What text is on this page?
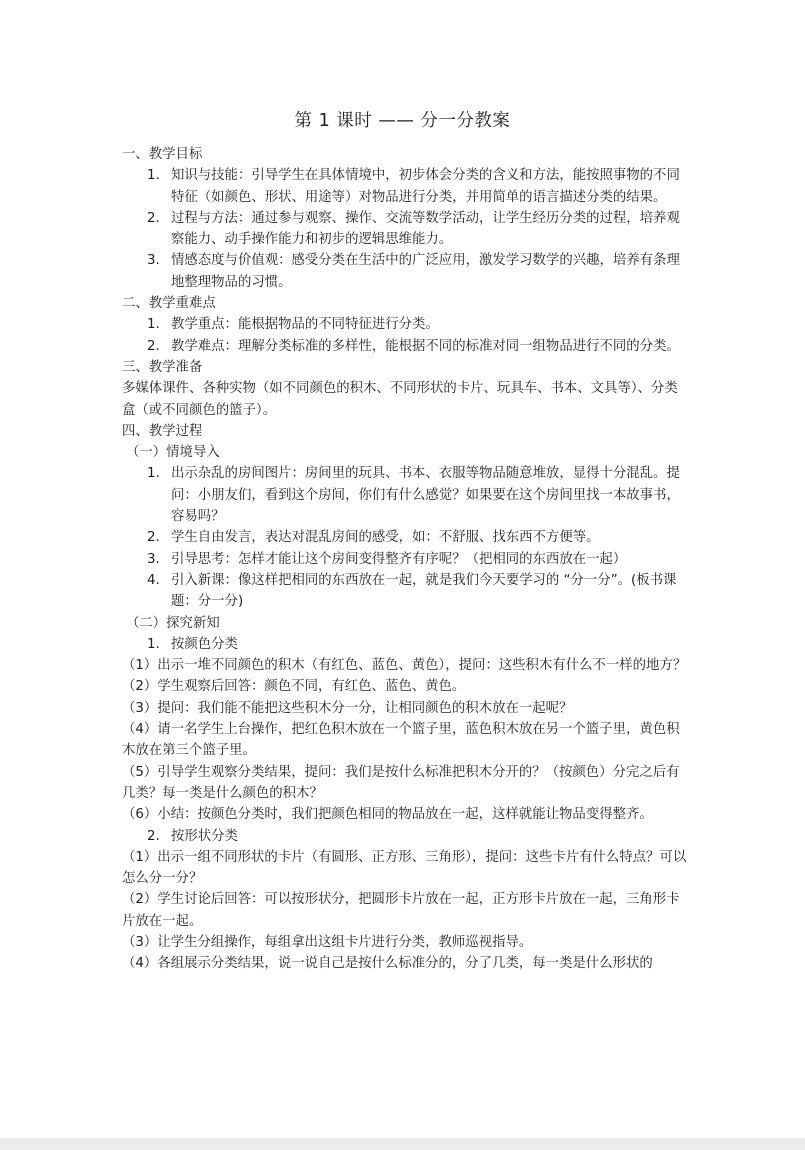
第 1 课时 —— 分一分教案

一、教学目标

1. 知识与技能：引导学生在具体情境中，初步体会分类的含义和方法，能按照事物的不同特征（如颜色、形状、用途等）对物品进行分类，并用简单的语言描述分类的结果。
2. 过程与方法：通过参与观察、操作、交流等数学活动，让学生经历分类的过程，培养观察能力、动手操作能力和初步的逻辑思维能力。
3. 情感态度与价值观：感受分类在生活中的广泛应用，激发学习数学的兴趣，培养有条理地整理物品的习惯。

二、教学重难点

1. 教学重点：能根据物品的不同特征进行分类。
2. 教学难点：理解分类标准的多样性，能根据不同的标准对同一组物品进行不同的分类。

三、教学准备

多媒体课件、各种实物（如不同颜色的积木、不同形状的卡片、玩具车、书本、文具等）、分类盒（或不同颜色的篮子）。

四、教学过程

（一）情境导入

1. 出示杂乱的房间图片：房间里的玩具、书本、衣服等物品随意堆放，显得十分混乱。提问：小朋友们，看到这个房间，你们有什么感觉？如果要在这个房间里找一本故事书，容易吗？
2. 学生自由发言，表达对混乱房间的感受，如：不舒服、找东西不方便等。
3. 引导思考：怎样才能让这个房间变得整齐有序呢？（把相同的东西放在一起）
4. 引入新课：像这样把相同的东西放在一起，就是我们今天要学习的 “分一分”。(板书课题：分一分)

（二）探究新知

1. 按颜色分类

（1）出示一堆不同颜色的积木（有红色、蓝色、黄色），提问：这些积木有什么不一样的地方？

（2）学生观察后回答：颜色不同，有红色、蓝色、黄色。

（3）提问：我们能不能把这些积木分一分，让相同颜色的积木放在一起呢？

（4）请一名学生上台操作，把红色积木放在一个篮子里，蓝色积木放在另一个篮子里，黄色积木放在第三个篮子里。

（5）引导学生观察分类结果，提问：我们是按什么标准把积木分开的？（按颜色）分完之后有几类？每一类是什么颜色的积木？

（6）小结：按颜色分类时，我们把颜色相同的物品放在一起，这样就能让物品变得整齐。

2. 按形状分类

（1）出示一组不同形状的卡片（有圆形、正方形、三角形），提问：这些卡片有什么特点？可以怎么分一分？

（2）学生讨论后回答：可以按形状分，把圆形卡片放在一起，正方形卡片放在一起，三角形卡片放在一起。

（3）让学生分组操作，每组拿出这组卡片进行分类，教师巡视指导。

（4）各组展示分类结果，说一说自己是按什么标准分的，分了几类，每一类是什么形状的
